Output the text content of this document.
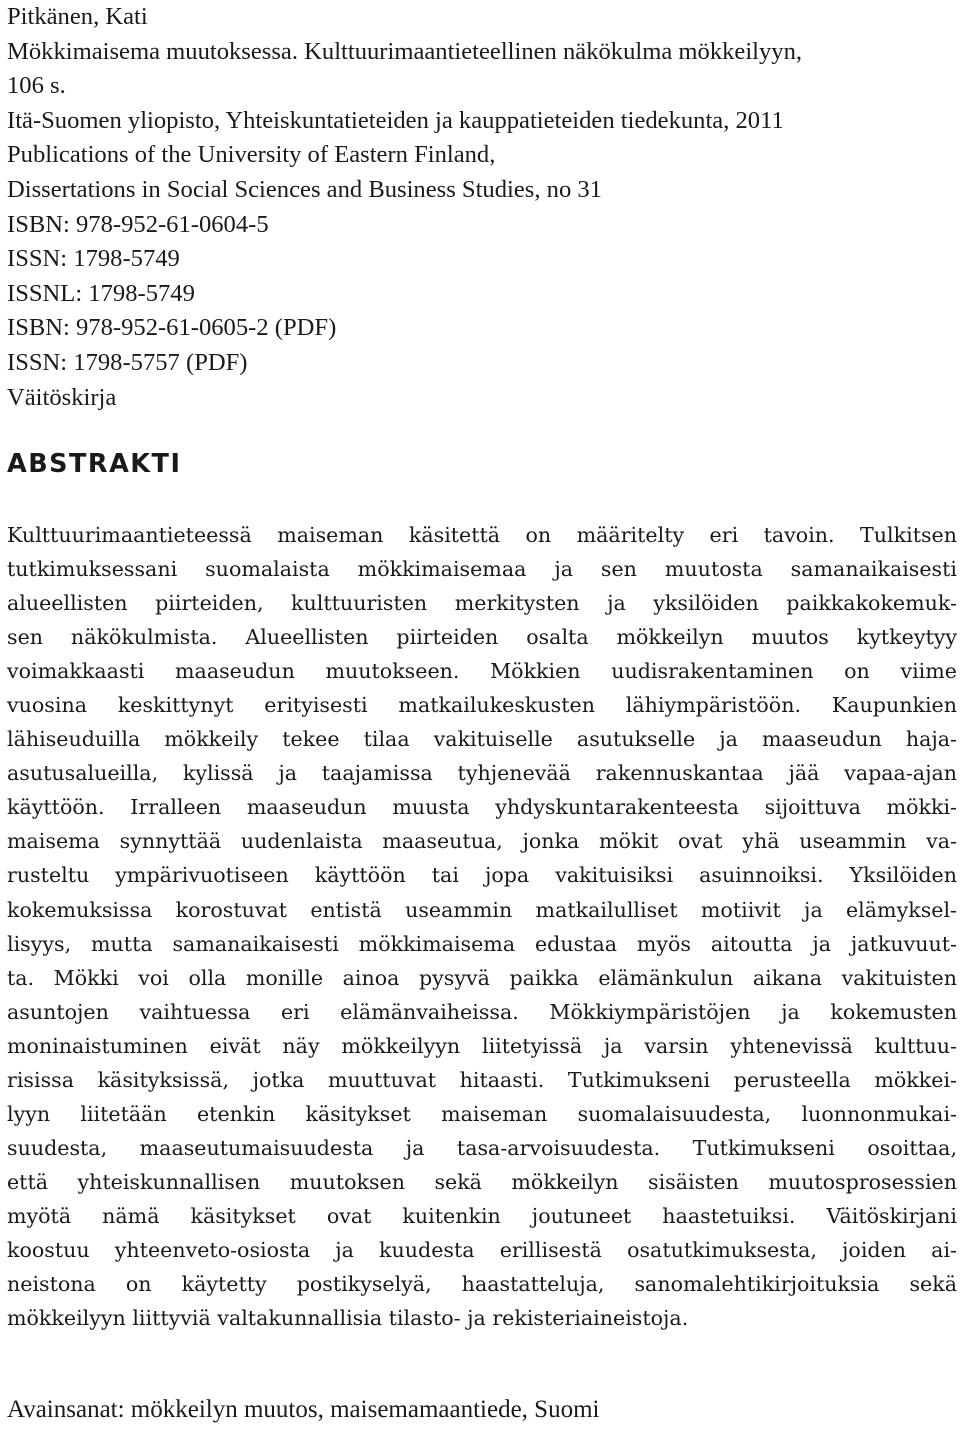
Pitkänen, Kati
Mökkimaisema muutoksessa. Kulttuurimaantieteellinen näkökulma mökkeilyyn,
106 s.
Itä-Suomen yliopisto, Yhteiskuntatieteiden ja kauppatieteiden tiedekunta, 2011
Publications of the University of Eastern Finland,
Dissertations in Social Sciences and Business Studies, no 31
ISBN: 978-952-61-0604-5
ISSN: 1798-5749
ISSNL: 1798-5749
ISBN: 978-952-61-0605-2 (PDF)
ISSN: 1798-5757 (PDF)
Väitöskirja
ABSTRAKTI
Kulttuurimaantieteessä maiseman käsitettä on määritelty eri tavoin. Tulkitsen
tutkimuksessani suomalaista mökkimaisemaa ja sen muutosta samanaikaisesti
alueellisten piirteiden, kulttuuristen merkitysten ja yksilöiden paikkakokemuk-
sen näkökulmista. Alueellisten piirteiden osalta mökkeilyn muutos kytkeytyy
voimakkaasti maaseudun muutokseen. Mökkien uudisrakentaminen on viime
vuosina keskittynyt erityisesti matkailukeskusten lähiympäristöön. Kaupunkien
lähiseuduilla mökkeily tekee tilaa vakituiselle asutukselle ja maaseudun haja-
asutusalueilla, kylissä ja taajamissa tyhjenevää rakennuskantaa jää vapaa-ajan
käyttöön. Irralleen maaseudun muusta yhdyskuntarakenteesta sijoittuva mökki-
maisema synnyttää uudenlaista maaseutua, jonka mökit ovat yhä useammin va-
rusteltu ympärivuotiseen käyttöön tai jopa vakituisiksi asuinnoiksi. Yksilöiden
kokemuksissa korostuvat entistä useammin matkailulliset motiivit ja elämyksel-
lisyys, mutta samanaikaisesti mökkimaisema edustaa myös aitoutta ja jatkuvuut-
ta. Mökki voi olla monille ainoa pysyvä paikka elämänkulun aikana vakituisten
asuntojen vaihtuessa eri elämänvaiheissa. Mökkiympäristöjen ja kokemusten
moninaistuminen eivät näy mökkeilyyn liitetyissä ja varsin yhtenevissä kulttuu-
risissa käsityksissä, jotka muuttuvat hitaasti. Tutkimukseni perusteella mökkei-
lyyn liitetään etenkin käsitykset maiseman suomalaisuudesta, luonnonmukai-
suudesta, maaseutumaisuudesta ja tasa-arvoisuudesta. Tutkimukseni osoittaa,
että yhteiskunnallisen muutoksen sekä mökkeilyn sisäisten muutosprosessien
myötä nämä käsitykset ovat kuitenkin joutuneet haastetuiksi. Väitöskirjani
koostuu yhteenveto-osiosta ja kuudesta erillisestä osatutkimuksesta, joiden ai-
neistona on käytetty postikyselyä, haastatteluja, sanomalehtikirjoituksia sekä
mökkeilyyn liittyviä valtakunnallisia tilasto- ja rekisteriaineistoja.

Avainsanat: mökkeilyn muutos, maisemamaantiede, Suomi
